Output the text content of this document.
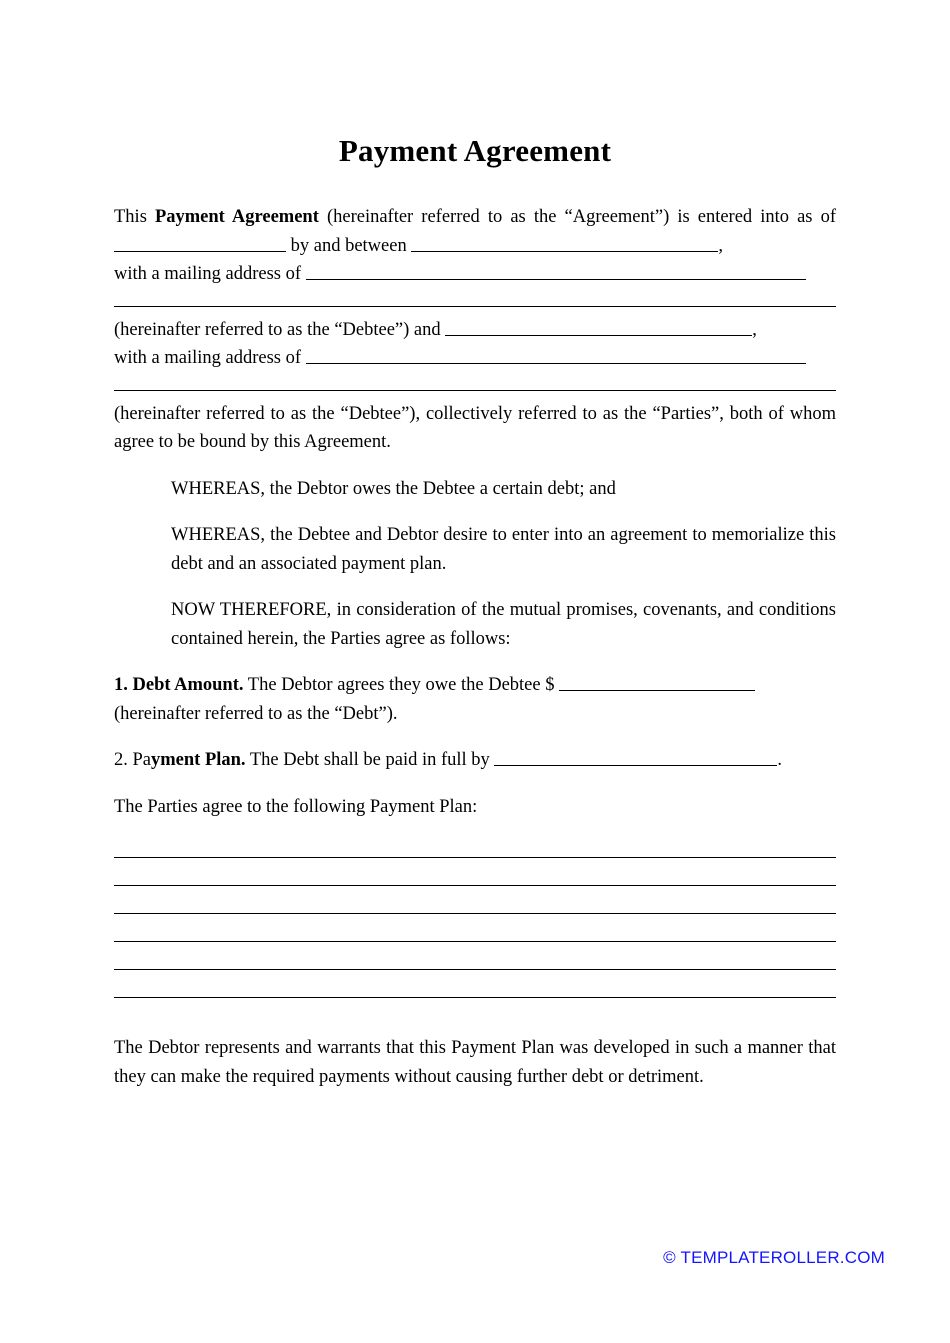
Payment Agreement

This Payment Agreement (hereinafter referred to as the “Agreement”) is entered into as of  by and between	,
with a mailing address of

(hereinafter referred to as the “Debtee”) and	,
with a mailing address of

(hereinafter referred to as the “Debtee”), collectively referred to as the “Parties”, both of whom agree to be bound by this Agreement.

WHEREAS, the Debtor owes the Debtee a certain debt; and

WHEREAS, the Debtee and Debtor desire to enter into an agreement to memorialize this debt and an associated payment plan.

NOW THEREFORE, in consideration of the mutual promises, covenants, and conditions contained herein, the Parties agree as follows:

1. Debt Amount. The Debtor agrees they owe the Debtee $
(hereinafter referred to as the “Debt”).

2. Payment Plan. The Debt shall be paid in full by	.

The Parties agree to the following Payment Plan:

The Debtor represents and warrants that this Payment Plan was developed in such a manner that they can make the required payments without causing further debt or detriment.

© TEMPLATEROLLER.COM
